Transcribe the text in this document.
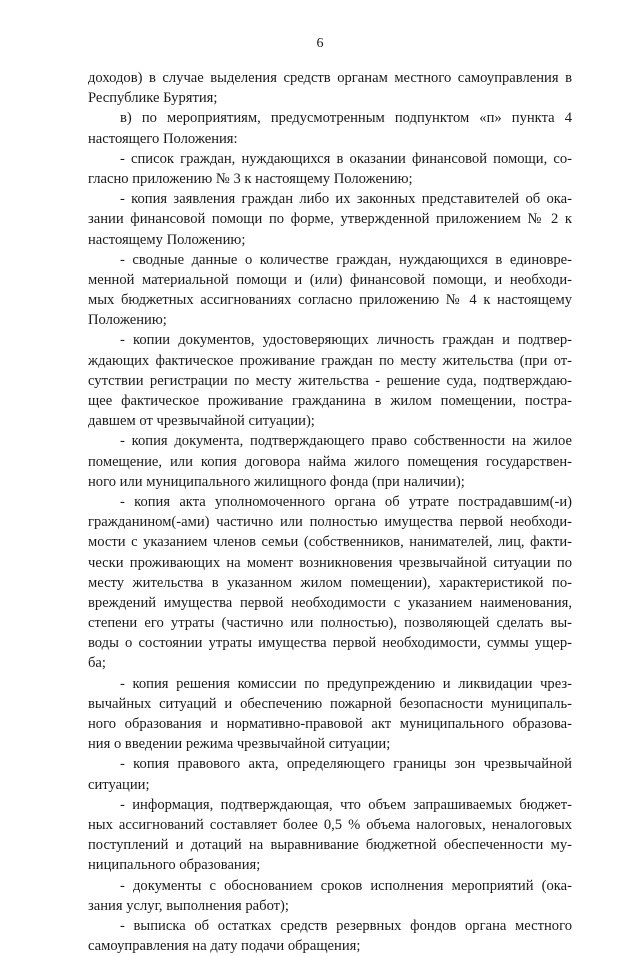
6
доходов) в случае выделения средств органам местного самоуправления в
Республике Бурятия;
в) по мероприятиям, предусмотренным подпунктом «п» пункта 4
настоящего Положения:
- список граждан, нуждающихся в оказании финансовой помощи, со-
гласно приложению № 3 к настоящему Положению;
- копия заявления граждан либо их законных представителей об ока-
зании финансовой помощи по форме, утвержденной приложением № 2 к
настоящему Положению;
- сводные данные о количестве граждан, нуждающихся в единовре-
менной материальной помощи и (или) финансовой помощи, и необходи-
мых бюджетных ассигнованиях согласно приложению № 4 к настоящему
Положению;
- копии документов, удостоверяющих личность граждан и подтвер-
ждающих фактическое проживание граждан по месту жительства (при от-
сутствии регистрации по месту жительства - решение суда, подтверждаю-
щее фактическое проживание гражданина в жилом помещении, постра-
давшем от чрезвычайной ситуации);
- копия документа, подтверждающего право собственности на жилое
помещение, или копия договора найма жилого помещения государствен-
ного или муниципального жилищного фонда (при наличии);
- копия акта уполномоченного органа об утрате пострадавшим(-и)
гражданином(-ами) частично или полностью имущества первой необходи-
мости с указанием членов семьи (собственников, нанимателей, лиц, факти-
чески проживающих на момент возникновения чрезвычайной ситуации по
месту жительства в указанном жилом помещении), характеристикой по-
вреждений имущества первой необходимости с указанием наименования,
степени его утраты (частично или полностью), позволяющей сделать вы-
воды о состоянии утраты имущества первой необходимости, суммы ущер-
ба;
- копия решения комиссии по предупреждению и ликвидации чрез-
вычайных ситуаций и обеспечению пожарной безопасности муниципаль-
ного образования и нормативно-правовой акт муниципального образова-
ния о введении режима чрезвычайной ситуации;
- копия правового акта, определяющего границы зон чрезвычайной
ситуации;
- информация, подтверждающая, что объем запрашиваемых бюджет-
ных ассигнований составляет более 0,5 % объема налоговых, неналоговых
поступлений и дотаций на выравнивание бюджетной обеспеченности му-
ниципального образования;
- документы с обоснованием сроков исполнения мероприятий (ока-
зания услуг, выполнения работ);
- выписка об остатках средств резервных фондов органа местного
самоуправления на дату подачи обращения;
